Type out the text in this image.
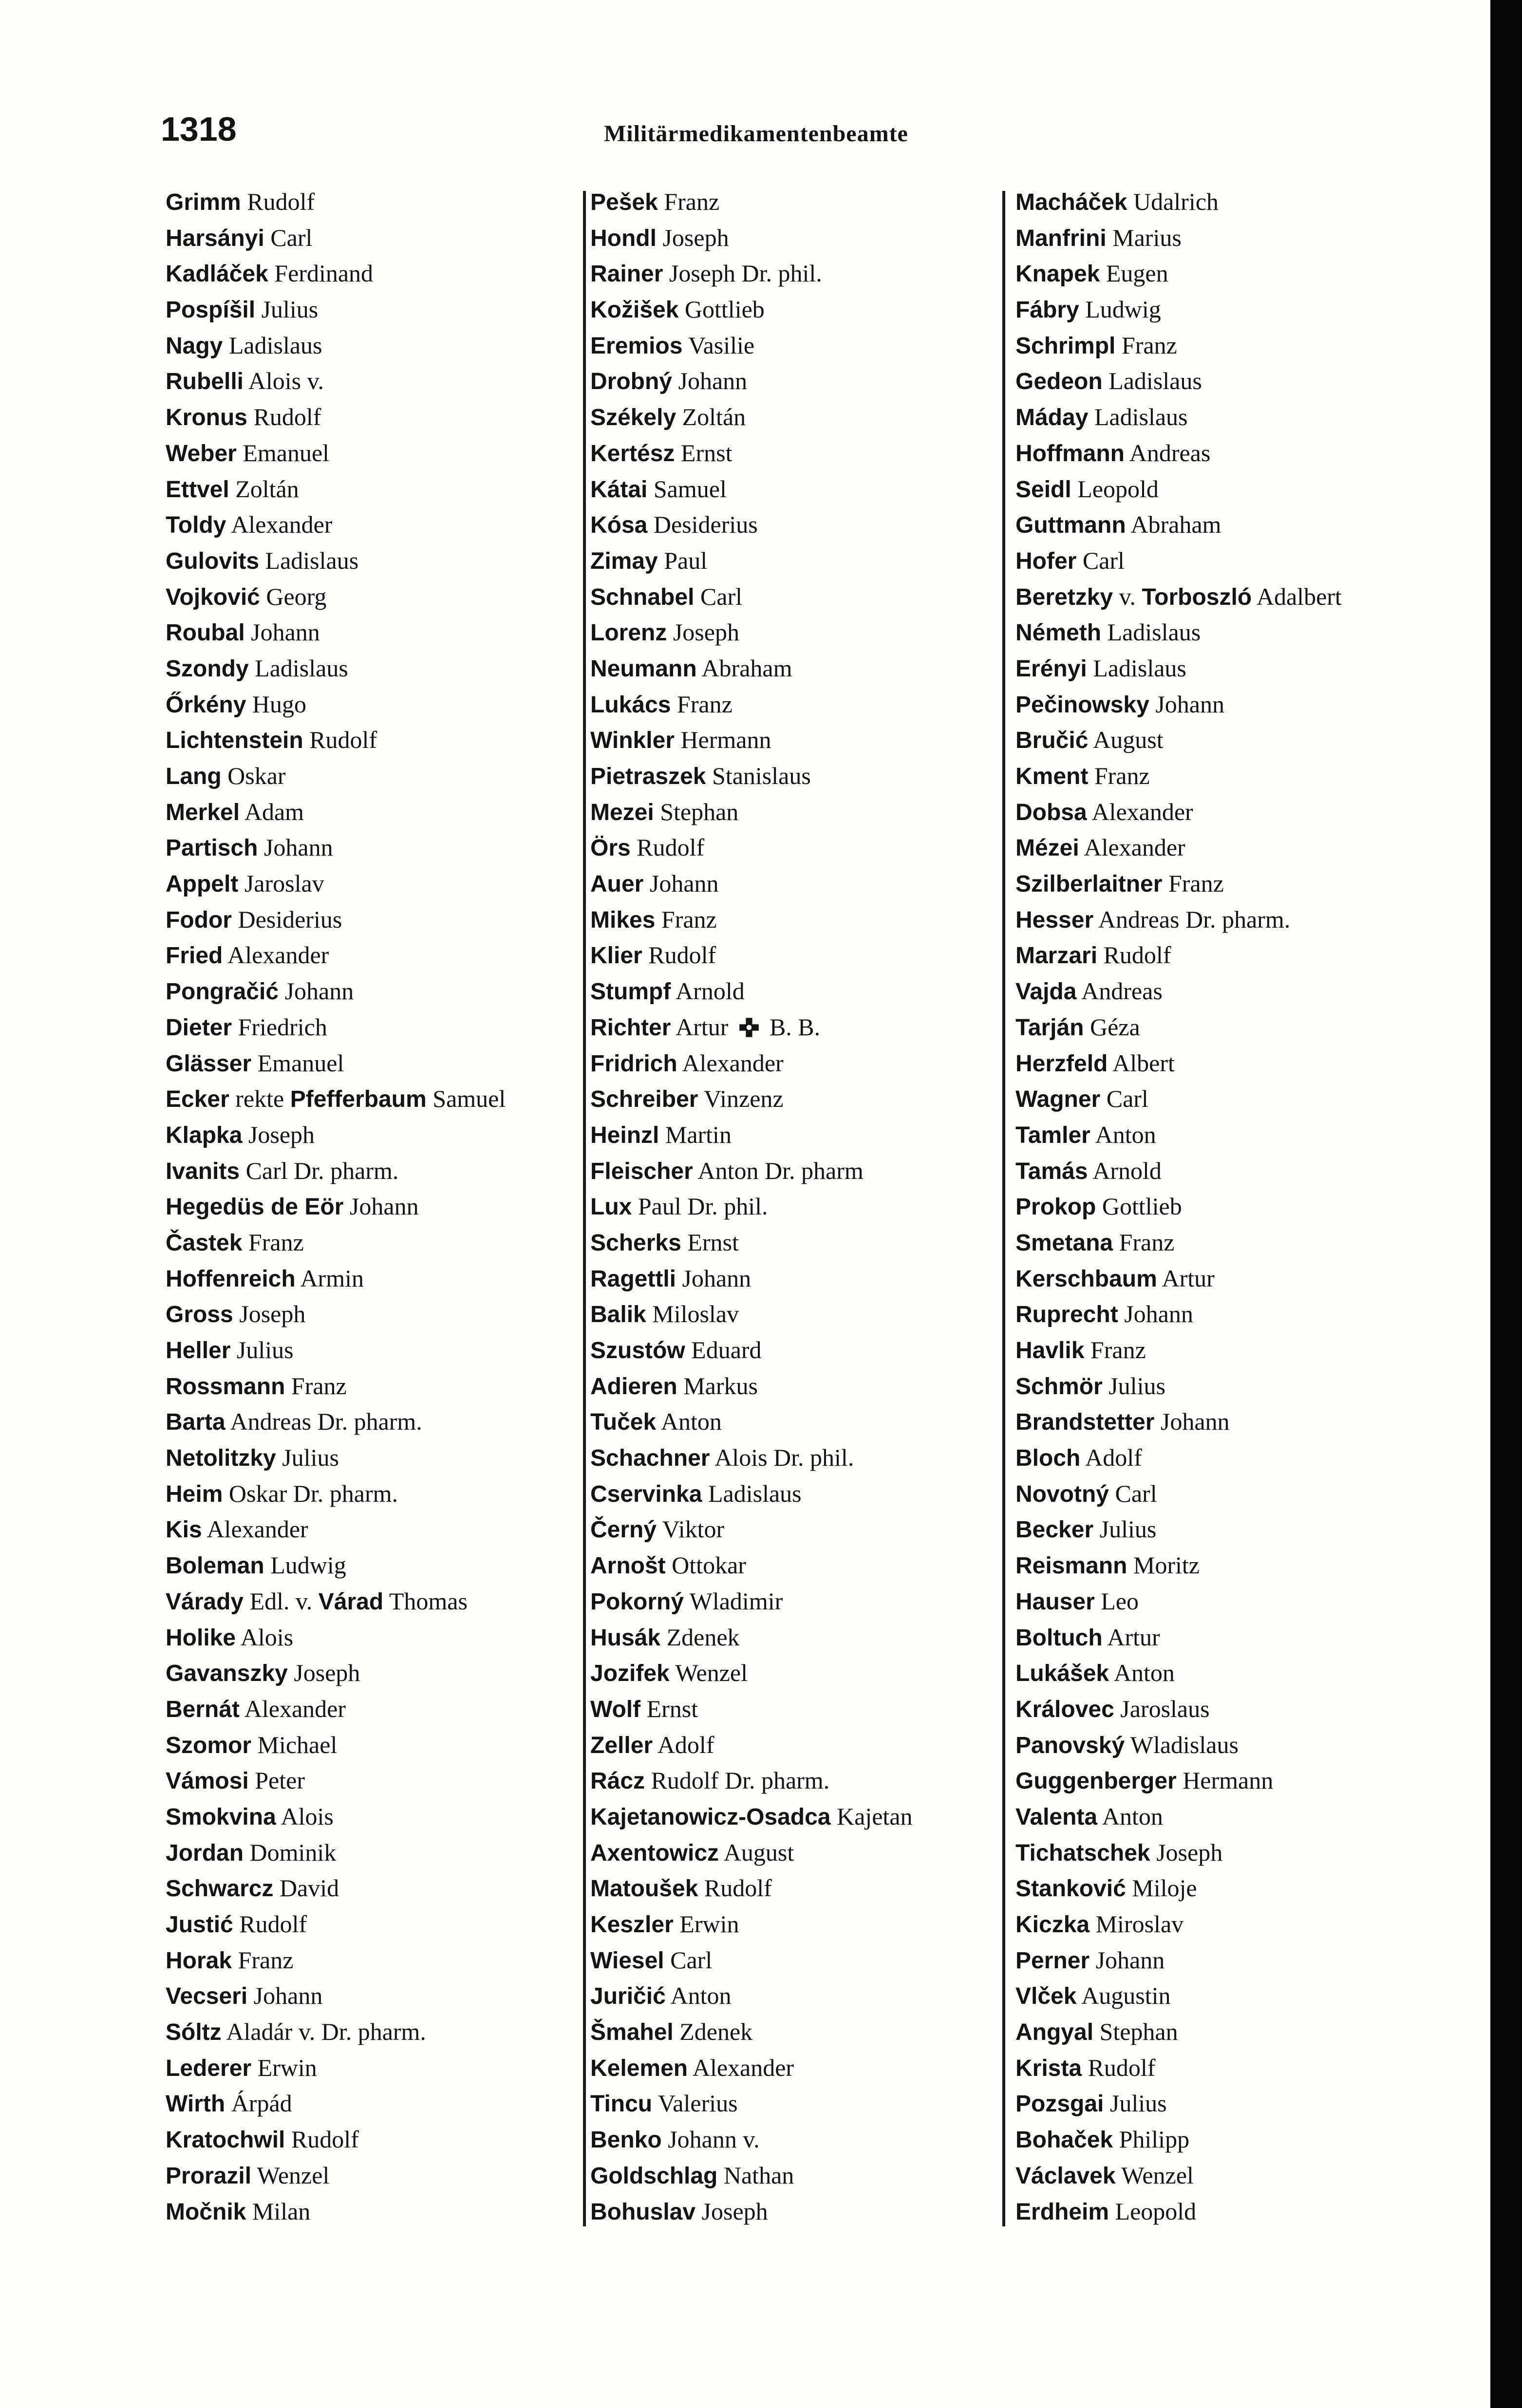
1318	Militärmedikamentenbeamte
Grimm Rudolf
Harsányi Carl
Kadláček Ferdinand
Pospíšil Julius
Nagy Ladislaus
Rubelli Alois v.
Kronus Rudolf
Weber Emanuel
Ettvel Zoltán
Toldy Alexander
Gulovits Ladislaus
Vojković Georg
Roubal Johann
Szondy Ladislaus
Őrkény Hugo
Lichtenstein Rudolf
Lang Oskar
Merkel Adam
Partisch Johann
Appelt Jaroslav
Fodor Desiderius
Fried Alexander
Pongračić Johann
Dieter Friedrich
Glässer Emanuel
Ecker rekte Pfefferbaum Samuel
Klapka Joseph
Ivanits Carl Dr. pharm.
Hegedüs de Eör Johann
Častek Franz
Hoffenreich Armin
Gross Joseph
Heller Julius
Rossmann Franz
Barta Andreas Dr. pharm.
Netolitzky Julius
Heim Oskar Dr. pharm.
Kis Alexander
Boleman Ludwig
Várady Edl. v. Várad Thomas
Holike Alois
Gavanszky Joseph
Bernát Alexander
Szomor Michael
Vámosi Peter
Smokvina Alois
Jordan Dominik
Schwarcz David
Justić Rudolf
Horak Franz
Vecseri Johann
Sóltz Aladár v. Dr. pharm.
Lederer Erwin
Wirth Árpád
Kratochwil Rudolf
Prorazil Wenzel
Močnik Milan
Pešek Franz
Hondl Joseph
Rainer Joseph Dr. phil.
Kožišek Gottlieb
Eremios Vasilie
Drobný Johann
Székely Zoltán
Kertész Ernst
Kátai Samuel
Kósa Desiderius
Zimay Paul
Schnabel Carl
Lorenz Joseph
Neumann Abraham
Lukács Franz
Winkler Hermann
Pietraszek Stanislaus
Mezei Stephan
Örs Rudolf
Auer Johann
Mikes Franz
Klier Rudolf
Stumpf Arnold
Richter Artur B. B.
Fridrich Alexander
Schreiber Vinzenz
Heinzl Martin
Fleischer Anton Dr. pharm
Lux Paul Dr. phil.
Scherks Ernst
Ragettli Johann
Balik Miloslav
Szustów Eduard
Adieren Markus
Tuček Anton
Schachner Alois Dr. phil.
Cservinka Ladislaus
Černý Viktor
Arnošt Ottokar
Pokorný Wladimir
Husák Zdenek
Jozifek Wenzel
Wolf Ernst
Zeller Adolf
Rácz Rudolf Dr. pharm.
Kajetanowicz-Osadca Kajetan
Axentowicz August
Matoušek Rudolf
Keszler Erwin
Wiesel Carl
Juričić Anton
Šmahel Zdenek
Kelemen Alexander
Tincu Valerius
Benko Johann v.
Goldschlag Nathan
Bohuslav Joseph
Macháček Udalrich
Manfrini Marius
Knapek Eugen
Fábry Ludwig
Schrimpl Franz
Gedeon Ladislaus
Máday Ladislaus
Hoffmann Andreas
Seidl Leopold
Guttmann Abraham
Hofer Carl
Beretzky v. Torboszló Adalbert
Németh Ladislaus
Erényi Ladislaus
Pečinowsky Johann
Bručić August
Kment Franz
Dobsa Alexander
Mézei Alexander
Szilberlaitner Franz
Hesser Andreas Dr. pharm.
Marzari Rudolf
Vajda Andreas
Tarján Géza
Herzfeld Albert
Wagner Carl
Tamler Anton
Tamás Arnold
Prokop Gottlieb
Smetana Franz
Kerschbaum Artur
Ruprecht Johann
Havlik Franz
Schmör Julius
Brandstetter Johann
Bloch Adolf
Novotný Carl
Becker Julius
Reismann Moritz
Hauser Leo
Boltuch Artur
Lukášek Anton
Královec Jaroslaus
Panovský Wladislaus
Guggenberger Hermann
Valenta Anton
Tichatschek Joseph
Stanković Miloje
Kiczka Miroslav
Perner Johann
Vlček Augustin
Angyal Stephan
Krista Rudolf
Pozsgai Julius
Bohaček Philipp
Václavek Wenzel
Erdheim Leopold
